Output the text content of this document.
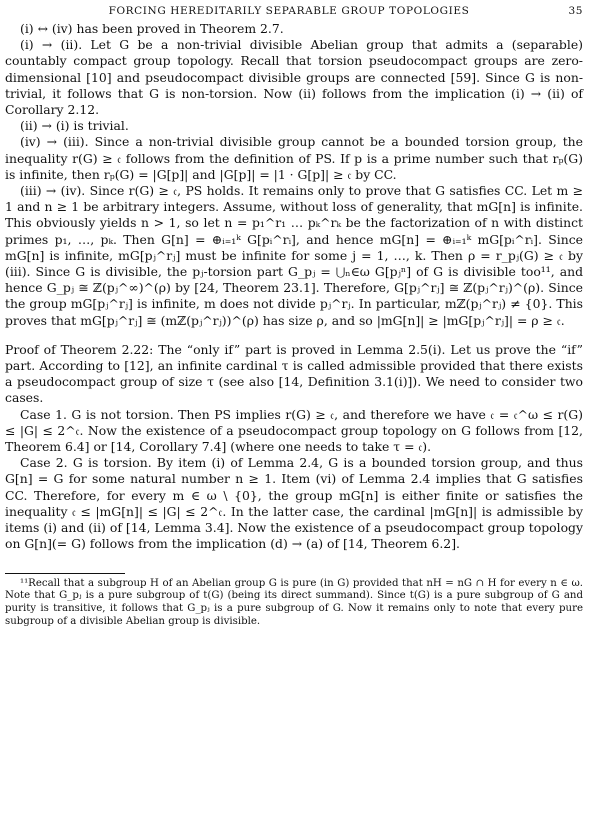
FORCING HEREDITARILY SEPARABLE GROUP TOPOLOGIES	35

(i) ↔ (iv) has been proved in Theorem 2.7.

(i) → (ii). Let G be a non-trivial divisible Abelian group that admits a (separable) countably compact group topology. Recall that torsion pseudocompact groups are zero-dimensional [10] and pseudocompact divisible groups are connected [59]. Since G is non-trivial, it follows that G is non-torsion. Now (ii) follows from the implication (i) → (ii) of Corollary 2.12.

(ii) → (i) is trivial.

(iv) → (iii). Since a non-trivial divisible group cannot be a bounded torsion group, the inequality r(G) ≥ 𝔠 follows from the definition of PS. If p is a prime number such that rₚ(G) is infinite, then rₚ(G) = |G[p]| and |G[p]| = |1 · G[p]| ≥ 𝔠 by CC.

(iii) → (iv). Since r(G) ≥ 𝔠, PS holds. It remains only to prove that G satisfies CC. Let m ≥ 1 and n ≥ 1 be arbitrary integers. Assume, without loss of generality, that mG[n] is infinite. This obviously yields n > 1, so let n = p₁^r₁ … pₖ^rₖ be the factorization of n with distinct primes p₁, …, pₖ. Then G[n] = ⊕ᵢ₌₁ᵏ G[pᵢ^rᵢ], and hence mG[n] = ⊕ᵢ₌₁ᵏ mG[pᵢ^rᵢ]. Since mG[n] is infinite, mG[pⱼ^rⱼ] must be infinite for some j = 1, …, k. Then ρ = r_pⱼ(G) ≥ 𝔠 by (iii). Since G is divisible, the pⱼ-torsion part G_pⱼ = ⋃ₙ∈ω G[pⱼⁿ] of G is divisible too¹¹, and hence G_pⱼ ≅ ℤ(pⱼ^∞)^(ρ) by [24, Theorem 23.1]. Therefore, G[pⱼ^rⱼ] ≅ ℤ(pⱼ^rⱼ)^(ρ). Since the group mG[pⱼ^rⱼ] is infinite, m does not divide pⱼ^rⱼ. In particular, mℤ(pⱼ^rⱼ) ≠ {0}. This proves that mG[pⱼ^rⱼ] ≅ (mℤ(pⱼ^rⱼ))^(ρ) has size ρ, and so |mG[n]| ≥ |mG[pⱼ^rⱼ]| = ρ ≥ 𝔠.

Proof of Theorem 2.22: The “only if” part is proved in Lemma 2.5(i). Let us prove the “if” part. According to [12], an infinite cardinal τ is called admissible provided that there exists a pseudocompact group of size τ (see also [14, Definition 3.1(i)]). We need to consider two cases.

Case 1. G is not torsion. Then PS implies r(G) ≥ 𝔠, and therefore we have 𝔠 = 𝔠^ω ≤ r(G) ≤ |G| ≤ 2^𝔠. Now the existence of a pseudocompact group topology on G follows from [12, Theorem 6.4] or [14, Corollary 7.4] (where one needs to take τ = 𝔠).

Case 2. G is torsion. By item (i) of Lemma 2.4, G is a bounded torsion group, and thus G[n] = G for some natural number n ≥ 1. Item (vi) of Lemma 2.4 implies that G satisfies CC. Therefore, for every m ∈ ω \ {0}, the group mG[n] is either finite or satisfies the inequality 𝔠 ≤ |mG[n]| ≤ |G| ≤ 2^𝔠. In the latter case, the cardinal |mG[n]| is admissible by items (i) and (ii) of [14, Lemma 3.4]. Now the existence of a pseudocompact group topology on G[n](= G) follows from the implication (d) → (a) of [14, Theorem 6.2].

¹¹Recall that a subgroup H of an Abelian group G is pure (in G) provided that nH = nG ∩ H for every n ∈ ω. Note that G_pⱼ is a pure subgroup of t(G) (being its direct summand). Since t(G) is a pure subgroup of G and purity is transitive, it follows that G_pⱼ is a pure subgroup of G. Now it remains only to note that every pure subgroup of a divisible Abelian group is divisible.
